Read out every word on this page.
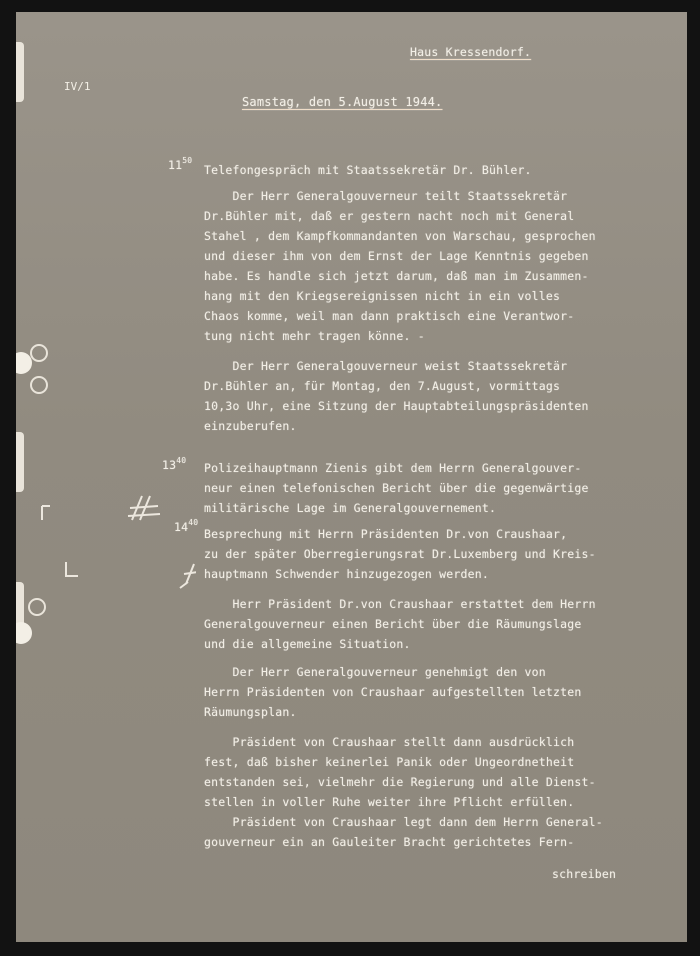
IV/1
Haus Kressendorf.
Samstag, den 5.August 1944.
$11^{50}$
Telefongespräch mit Staatssekretär Dr. Bühler.
Der Herr Generalgouverneur teilt Staatssekretär
Dr.Bühler mit, daß er gestern nacht noch mit General
Stahel , dem Kampfkommandanten von Warschau, gesprochen
und dieser ihm von dem Ernst der Lage Kenntnis gegeben
habe. Es handle sich jetzt darum, daß man im Zusammen-
hang mit den Kriegsereignissen nicht in ein volles
Chaos komme, weil man dann praktisch eine Verantwor-
tung nicht mehr tragen könne. -
Der Herr Generalgouverneur weist Staatssekretär
Dr.Bühler an, für Montag, den 7.August, vormittags
10,3o Uhr, eine Sitzung der Hauptabteilungspräsidenten
einzuberufen.
$13^{40}$
Polizeihauptmann Zienis gibt dem Herrn Generalgouver-
neur einen telefonischen Bericht über die gegenwärtige
militärische Lage im Generalgouvernement.
$14^{40}$
Besprechung mit Herrn Präsidenten Dr.von Craushaar,
zu der später Oberregierungsrat Dr.Luxemberg und Kreis-
hauptmann Schwender hinzugezogen werden.
Herr Präsident Dr.von Craushaar erstattet dem Herrn
Generalgouverneur einen Bericht über die Räumungslage
und die allgemeine Situation.
Der Herr Generalgouverneur genehmigt den von
Herrn Präsidenten von Craushaar aufgestellten letzten
Räumungsplan.
Präsident von Craushaar stellt dann ausdrücklich
fest, daß bisher keinerlei Panik oder Ungeordnetheit
entstanden sei, vielmehr die Regierung und alle Dienst-
stellen in voller Ruhe weiter ihre Pflicht erfüllen.
Präsident von Craushaar legt dann dem Herrn General-
gouverneur ein an Gauleiter Bracht gerichtetes Fern-
schreiben
